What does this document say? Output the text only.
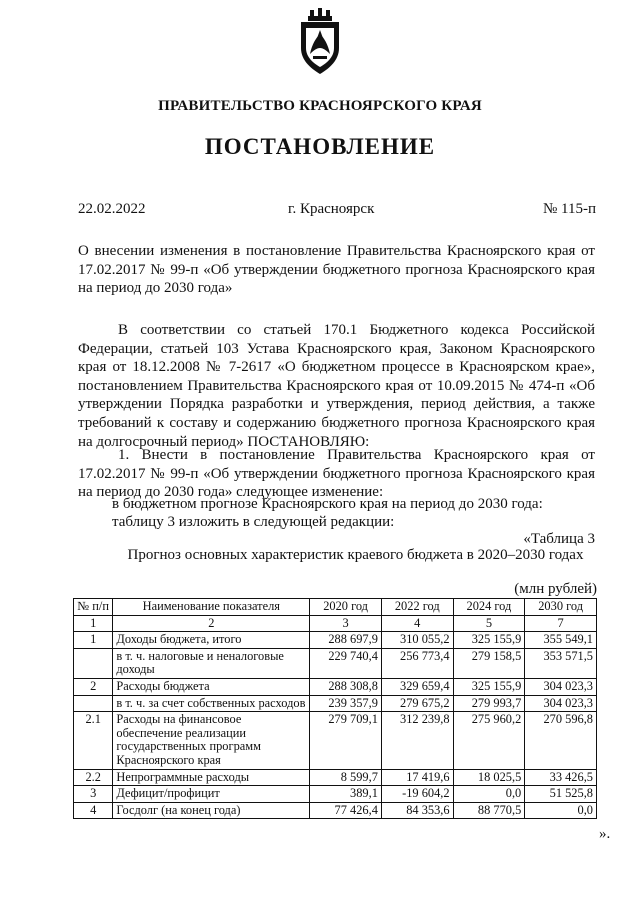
ПРАВИТЕЛЬСТВО КРАСНОЯРСКОГО КРАЯ
ПОСТАНОВЛЕНИЕ
22.02.2022	г. Красноярск	№ 115-п
О внесении изменения в постановление Правительства Красноярского края от 17.02.2017 № 99-п «Об утверждении бюджетного прогноза Красноярского края на период до 2030 года»
В соответствии со статьей 170.1 Бюджетного кодекса Российской Федерации, статьей 103 Устава Красноярского края, Законом Красноярского края от 18.12.2008 № 7-2617 «О бюджетном процессе в Красноярском крае», постановлением Правительства Красноярского края от 10.09.2015 № 474-п «Об утверждении Порядка разработки и утверждения, период действия, а также требований к составу и содержанию бюджетного прогноза Красноярского края на долгосрочный период» ПОСТАНОВЛЯЮ:
1. Внести в постановление Правительства Красноярского края от 17.02.2017 № 99-п «Об утверждении бюджетного прогноза Красноярского края на период до 2030 года» следующее изменение:
в бюджетном прогнозе Красноярского края на период до 2030 года:
таблицу 3 изложить в следующей редакции:
«Таблица 3
Прогноз основных характеристик краевого бюджета в 2020–2030 годах
(млн рублей)
№ п/п	Наименование показателя	2020 год	2022 год	2024 год	2030 год
1	2	3	4	5	7
1	Доходы бюджета, итого	288 697,9	310 055,2	325 155,9	355 549,1
	в т. ч. налоговые и неналоговые доходы	229 740,4	256 773,4	279 158,5	353 571,5
2	Расходы бюджета	288 308,8	329 659,4	325 155,9	304 023,3
	в т. ч. за счет собственных расходов	239 357,9	279 675,2	279 993,7	304 023,3
2.1	Расходы на финансовое обеспечение реализации государственных программ Красноярского края	279 709,1	312 239,8	275 960,2	270 596,8
2.2	Непрограммные расходы	8 599,7	17 419,6	18 025,5	33 426,5
3	Дефицит/профицит	389,1	-19 604,2	0,0	51 525,8
4	Госдолг (на конец года)	77 426,4	84 353,6	88 770,5	0,0
».
